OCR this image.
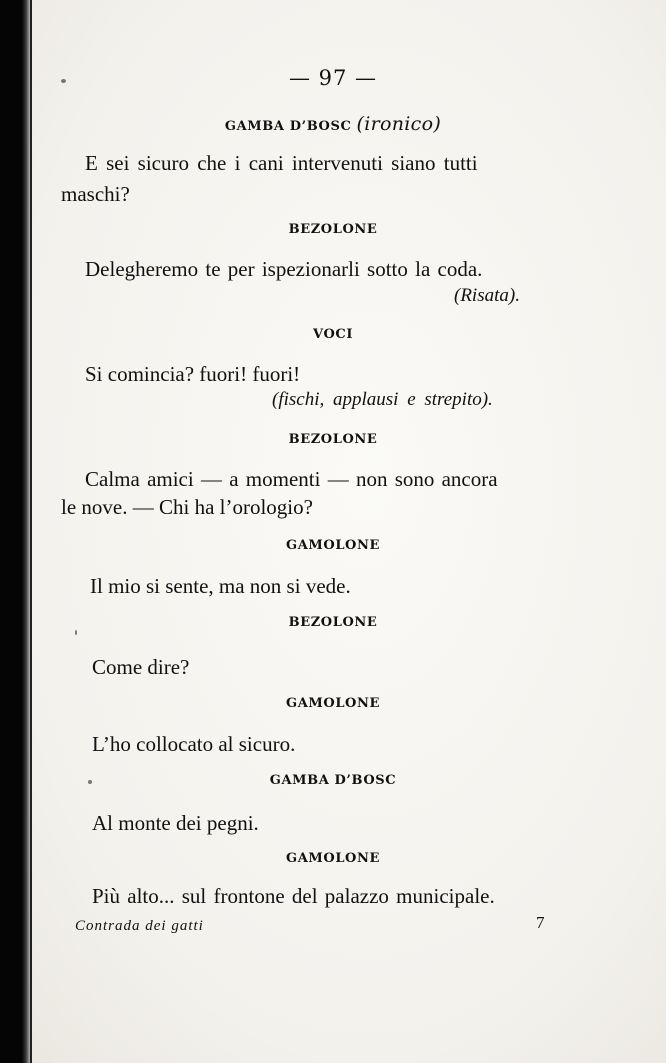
— 97 —
GAMBA D’BOSC (ironico)
E sei sicuro che i cani intervenuti siano tutti
maschi?
BEZOLONE
Delegheremo te per ispezionarli sotto la coda.
(Risata).
VOCI
Si comincia? fuori! fuori!
(fischi, applausi e strepito).
BEZOLONE
Calma amici — a momenti — non sono ancora
le nove. — Chi ha l’orologio?
GAMOLONE
Il mio si sente, ma non si vede.
BEZOLONE
Come dire?
GAMOLONE
L’ho collocato al sicuro.
GAMBA D’BOSC
Al monte dei pegni.
GAMOLONE
Più alto... sul frontone del palazzo municipale.
Contrada dei gatti	7
